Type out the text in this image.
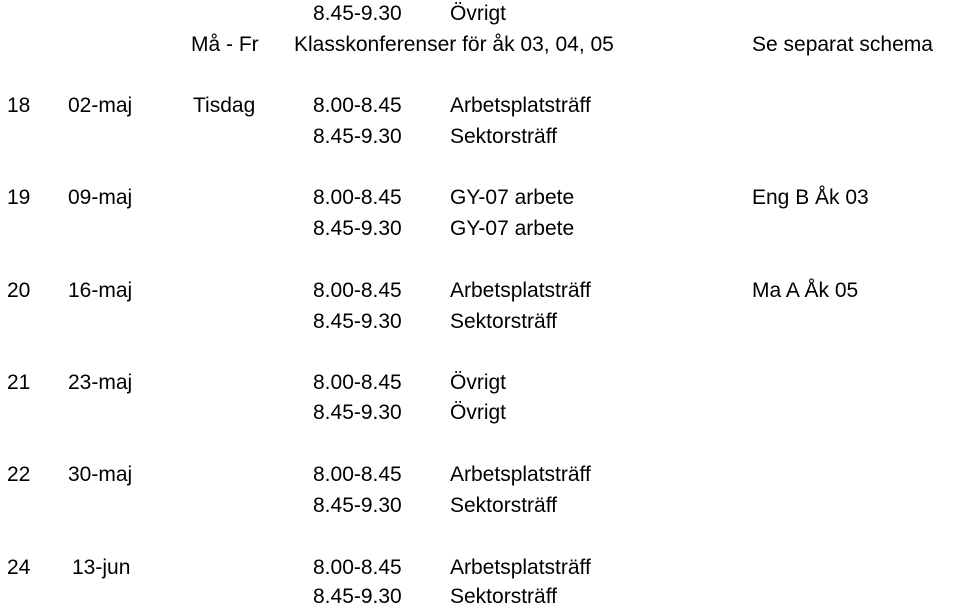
8.45-9.30 Övrigt
Må - Fr Klasskonferenser för åk 03, 04, 05	Se separat schema
18 02-maj	Tisdag	8.00-8.45 Arbetsplatsträff
8.45-9.30 Sektorsträff
19 09-maj	8.00-8.45 GY-07 arbete	Eng B Åk 03
8.45-9.30 GY-07 arbete
20 16-maj	8.00-8.45 Arbetsplatsträff	Ma A Åk 05
8.45-9.30 Sektorsträff
21 23-maj	8.00-8.45 Övrigt
8.45-9.30 Övrigt
22 30-maj	8.00-8.45 Arbetsplatsträff
8.45-9.30 Sektorsträff
24 13-jun	8.00-8.45 Arbetsplatsträff
8.45-9.30 Sektorsträff
